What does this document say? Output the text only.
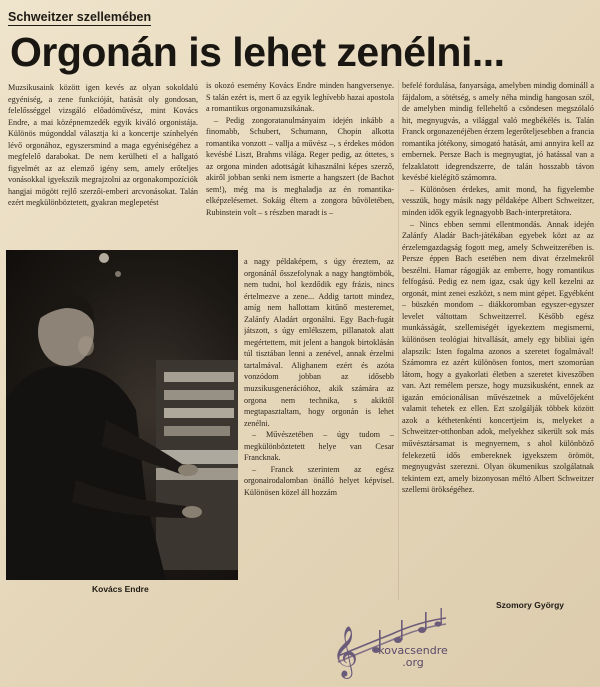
Schweitzer szellemében
Orgonán is lehet zenélni...

Muzsikusaink között igen kevés az olyan sokoldalú egyéniség, a zene funkcióját, hatását oly gondosan, felelősséggel vizsgáló előadóművész, mint Kovács Endre, a mai középnemzedék egyik kiváló orgonistája. Különös múgonddal választja ki a koncertje színhelyén lévő orgonához, egyszersmind a maga egyéniségéhez a megfelelő darabokat. De nem kerülheti el a hallgató figyelmét az az elemző igény sem, amely erőteljes vonásokkal igyekszik megrajzolni az orgonakompozíciók hangjai mögött rejlő szerzői-emberi arcvonásokat. Talán ezért megkülönböztetett, gyakran meglepetést

is okozó esemény Kovács Endre minden hangversenye. S talán ezért is, mert ő az egyik leghívebb hazai apostola a romantikus orgonamuzsikának.

– Pedig zongoratanulmányaim idején inkább a finomabb, Schubert, Schumann, Chopin alkotta romantika vonzott – vallja a művész –, s érdekes módon kevésbé Liszt, Brahms világa. Reger pedig, az óttetes, s az orgona minden adottságát kihasználni képes szerző, akiről jobban senki nem ismerte a hangszert (de Bachot sem!), még ma is meghaladja az én romantika-elképzelésemet. Sokáig éltem a zongora bűvöletében, Rubinstein volt – s részben maradt is –

a nagy példaképem, s úgy éreztem, az orgonánál ősszefolynak a nagy hangtömbök, nem tudni, hol kezdődik egy frázis, nincs értelmezve a zene... Addig tartott mindez, amíg nem hallottam kitűnő mesteremet, Zalánfy Aladárt orgonálni. Egy Bach-fugát játszott, s úgy emlékszem, pillanatok alatt megértettem, mit jelent a hangok birtoklásán túl tisztában lenni a zenével, annak érzelmi tartalmával. Alighanem ezért és azóta vonzódom jobban az idősebb muzsikusgenerációhoz, akik számára az orgona nem technika, s akiktől megtapasztaltam, hogy orgonán is lehet zenélni.

– Művészetében – úgy tudom – megkülönböztetett helye van Cesar Francknak.

– Franck szerintem az egész orgonairodalomban önálló helyet képvisel. Különösen közel áll hozzám

befelé fordulása, fanyarsága, amelyben mindig domináll a fájdalom, a sötétség, s amely néha mindig hangosan szól, de amelyben mindig felleheltő a csöndesen megszólaló hit, megnyugvás, a világgal való megbékélés is. Talán Franck orgonazenéjében érzem legerőteljesebben a francia romantika jótékony, simogató hatását, ami annyira kell az embernek. Persze Bach is megnyugtat, jó hatással van a felzaklatott idegrendszerre, de talán hosszabb távon kevésbé kielégítő számomra.

– Különösen érdekes, amit mond, ha figyelembe vesszük, hogy másik nagy példaképe Albert Schweitzer, minden idők egyik legnagyobb Bach-interpretátora.

– Nincs ebben semmi ellentmondás. Annak idején Zalánfy Aladár Bach-játékában egyebek közt az az érzelemgazdagság fogott meg, amely Schweitzerében is. Persze éppen Bach esetében nem divat érzelmekről beszélni. Hamar rágogják az emberre, hogy romantikus felfogású. Pedig ez nem igaz, csak úgy kell kezelni az orgonát, mint zenei eszközt, s nem mint gépet. Egyébként – büszkén mondom – diákkoromban egyszer-egyszer levelet váltottam Schweitzerrel. Később egész munkásságát, szellemiségét igyekeztem megismerni, különösen teológiai hitvallását, amely egy bibliai igén alapszik: Isten fogalma azonos a szeretet fogalmával! Számomra ez azért különösen fontos, mert szomorúan látom, hogy a gyakorlati életben a szeretet kiveszőben van. Azt remélem persze, hogy muzsikusként, ennek az igazán emócionálisan művészetnek a művelőjeként valamit tehetek ez ellen. Ezt szolgálják többek között azok a kéthetenkénti koncertjeim is, melyeket a Schweitzer-otthonban adok, melyekhez sikerült sok más művésztársamat is megnyernem, s ahol különböző felekezetű idős embereknek igyekszem örömöt, megnyugvást szerezni. Olyan ökumenikus szolgálatnak tekintem ezt, amely bizonyosan méltó Albert Schweitzer szellemi örökségéhez.

Kovács Endre
Szomory György
𝄞 kovacsendre
.org
